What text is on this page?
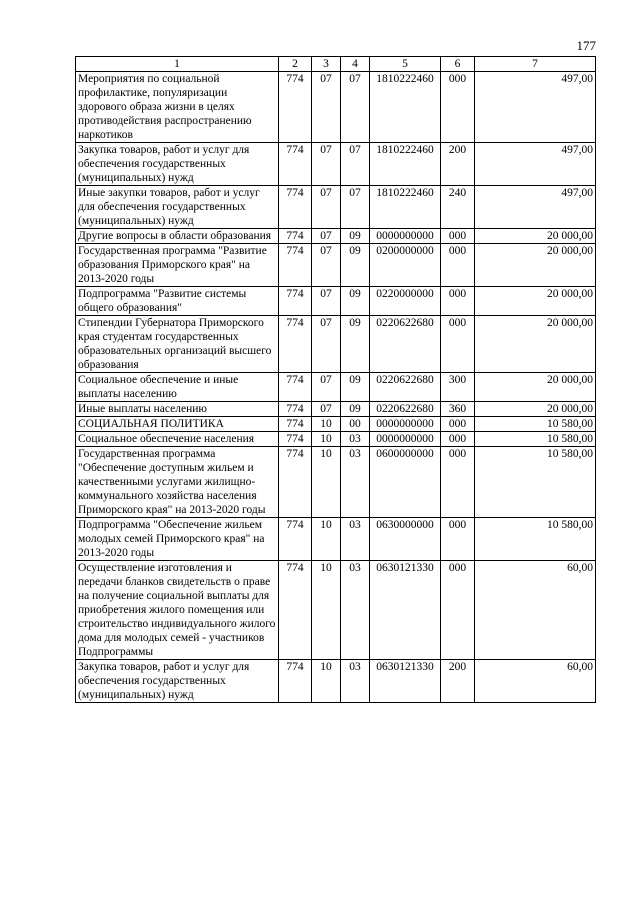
177
1	2	3	4	5	6	7
Мероприятия по социальной профилактике, популяризации здорового образа жизни в целях противодействия распространению наркотиков	774	07	07	1810222460	000	497,00
Закупка товаров, работ и услуг для обеспечения государственных (муниципальных) нужд	774	07	07	1810222460	200	497,00
Иные закупки товаров, работ и услуг для обеспечения государственных (муниципальных) нужд	774	07	07	1810222460	240	497,00
Другие вопросы в области образования	774	07	09	0000000000	000	20 000,00
Государственная программа "Развитие образования Приморского края" на 2013-2020 годы	774	07	09	0200000000	000	20 000,00
Подпрограмма "Развитие системы общего образования"	774	07	09	0220000000	000	20 000,00
Стипендии Губернатора Приморского края студентам государственных образовательных организаций высшего образования	774	07	09	0220622680	000	20 000,00
Социальное обеспечение и иные выплаты населению	774	07	09	0220622680	300	20 000,00
Иные выплаты населению	774	07	09	0220622680	360	20 000,00
СОЦИАЛЬНАЯ ПОЛИТИКА	774	10	00	0000000000	000	10 580,00
Социальное обеспечение населения	774	10	03	0000000000	000	10 580,00
Государственная программа "Обеспечение доступным жильем и качественными услугами жилищно-коммунального хозяйства населения Приморского края" на 2013-2020 годы	774	10	03	0600000000	000	10 580,00
Подпрограмма "Обеспечение жильем молодых семей Приморского края" на 2013-2020 годы	774	10	03	0630000000	000	10 580,00
Осуществление изготовления и передачи бланков свидетельств о праве на получение социальной выплаты для приобретения жилого помещения или строительство индивидуального жилого дома для молодых семей - участников Подпрограммы	774	10	03	0630121330	000	60,00
Закупка товаров, работ и услуг для обеспечения государственных (муниципальных) нужд	774	10	03	0630121330	200	60,00
